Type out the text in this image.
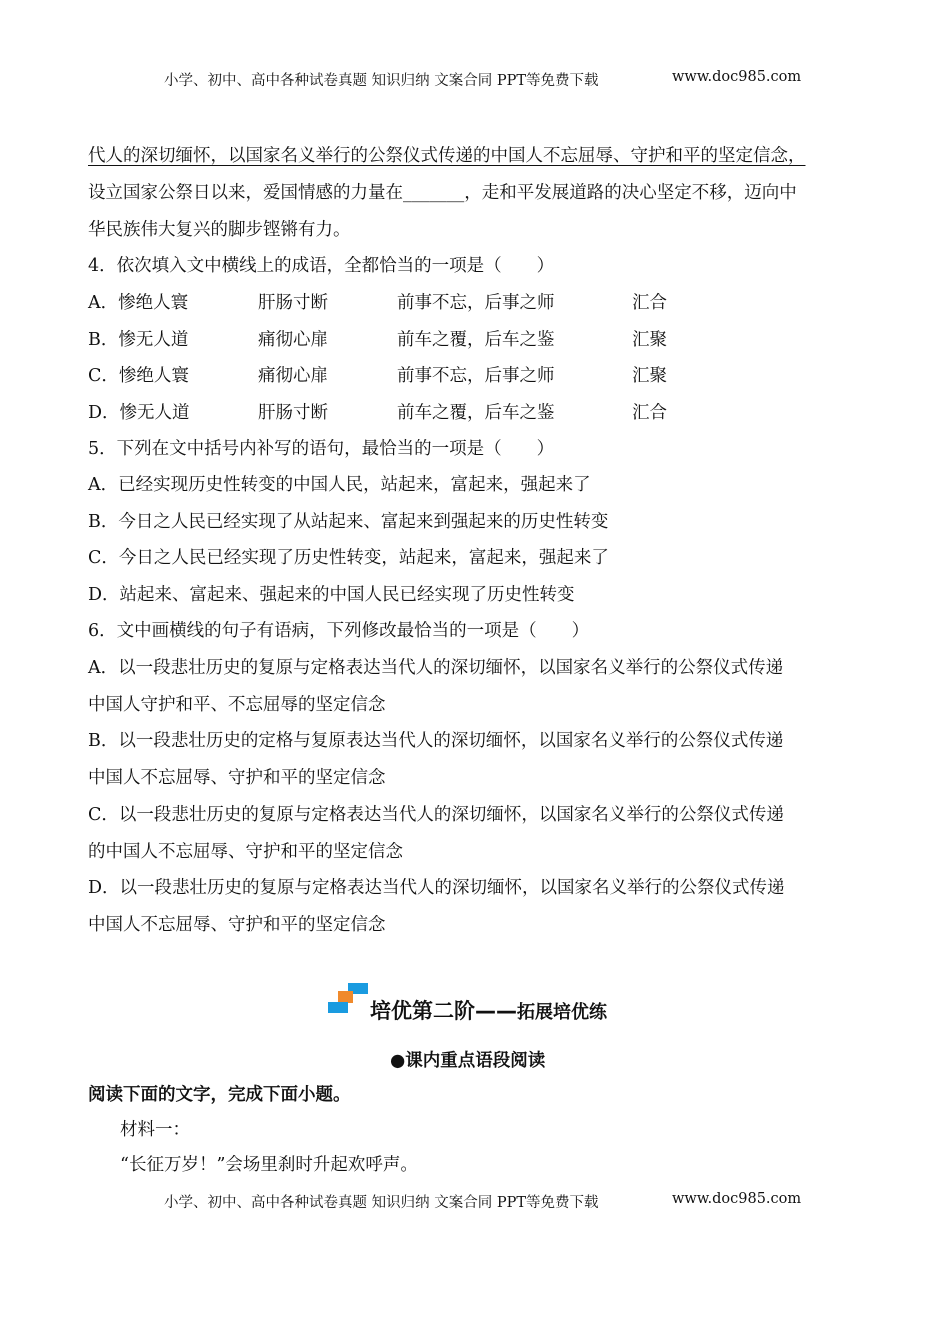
小学、初中、高中各种试卷真题 知识归纳 文案合同 PPT等免费下载	www.doc985.com
代人的深切缅怀，以国家名义举行的公祭仪式传递的中国人不忘屈辱、守护和平的坚定信念，
设立国家公祭日以来，爱国情感的力量在_______，走和平发展道路的决心坚定不移，迈向中
华民族伟大复兴的脚步铿锵有力。
4．依次填入文中横线上的成语，全都恰当的一项是（　　）
A．惨绝人寰	肝肠寸断	前事不忘，后事之师	汇合
B．惨无人道	痛彻心扉	前车之覆，后车之鉴	汇聚
C．惨绝人寰	痛彻心扉	前事不忘，后事之师	汇聚
D．惨无人道	肝肠寸断	前车之覆，后车之鉴	汇合
5．下列在文中括号内补写的语句，最恰当的一项是（　　）
A．已经实现历史性转变的中国人民，站起来，富起来，强起来了
B．今日之人民已经实现了从站起来、富起来到强起来的历史性转变
C．今日之人民已经实现了历史性转变，站起来，富起来，强起来了
D．站起来、富起来、强起来的中国人民已经实现了历史性转变
6．文中画横线的句子有语病，下列修改最恰当的一项是（　　）
A．以一段悲壮历史的复原与定格表达当代人的深切缅怀，以国家名义举行的公祭仪式传递
中国人守护和平、不忘屈辱的坚定信念
B．以一段悲壮历史的定格与复原表达当代人的深切缅怀，以国家名义举行的公祭仪式传递
中国人不忘屈辱、守护和平的坚定信念
C．以一段悲壮历史的复原与定格表达当代人的深切缅怀，以国家名义举行的公祭仪式传递
的中国人不忘屈辱、守护和平的坚定信念
D．以一段悲壮历史的复原与定格表达当代人的深切缅怀，以国家名义举行的公祭仪式传递
中国人不忘屈辱、守护和平的坚定信念
培优第二阶——拓展培优练
●课内重点语段阅读
阅读下面的文字，完成下面小题。
材料一：
“长征万岁！”会场里刹时升起欢呼声。
小学、初中、高中各种试卷真题 知识归纳 文案合同 PPT等免费下载	www.doc985.com
